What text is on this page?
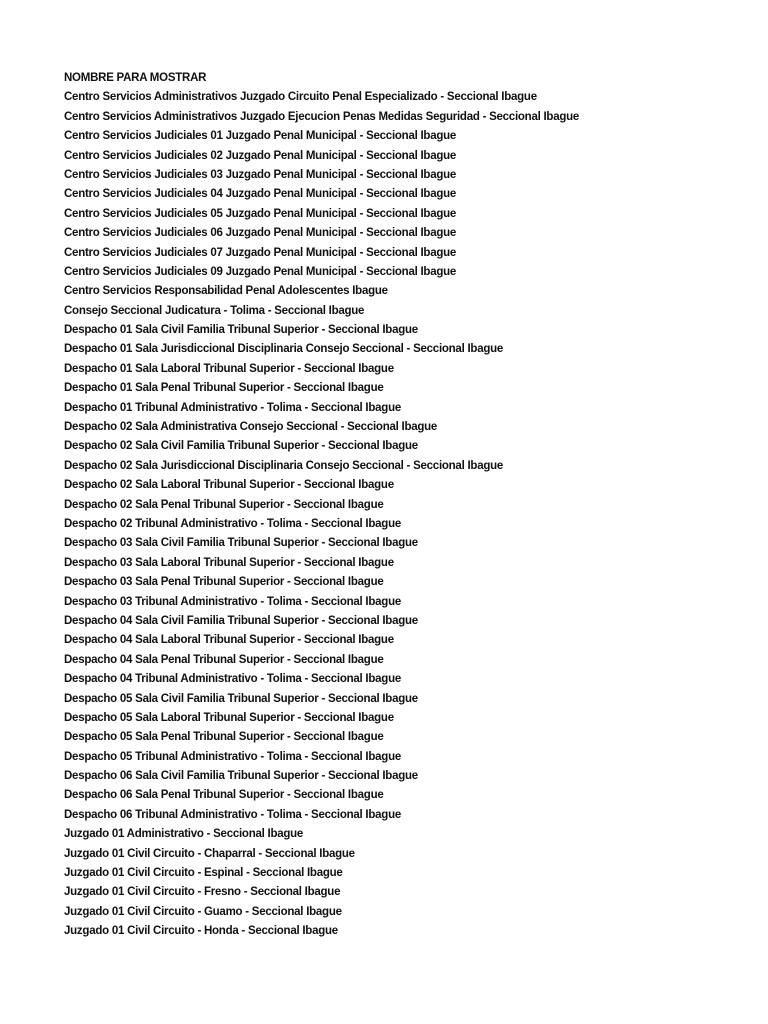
NOMBRE PARA MOSTRAR
Centro Servicios Administrativos Juzgado Circuito Penal Especializado - Seccional Ibague
Centro Servicios Administrativos Juzgado Ejecucion Penas Medidas Seguridad - Seccional Ibague
Centro Servicios Judiciales 01 Juzgado Penal Municipal - Seccional Ibague
Centro Servicios Judiciales 02 Juzgado Penal Municipal - Seccional Ibague
Centro Servicios Judiciales 03 Juzgado Penal Municipal - Seccional Ibague
Centro Servicios Judiciales 04 Juzgado Penal Municipal - Seccional Ibague
Centro Servicios Judiciales 05 Juzgado Penal Municipal - Seccional Ibague
Centro Servicios Judiciales 06 Juzgado Penal Municipal - Seccional Ibague
Centro Servicios Judiciales 07 Juzgado Penal Municipal - Seccional Ibague
Centro Servicios Judiciales 09 Juzgado Penal Municipal - Seccional Ibague
Centro Servicios Responsabilidad Penal Adolescentes Ibague
Consejo Seccional Judicatura - Tolima - Seccional Ibague
Despacho 01 Sala Civil Familia Tribunal Superior - Seccional Ibague
Despacho 01 Sala Jurisdiccional Disciplinaria Consejo Seccional - Seccional Ibague
Despacho 01 Sala Laboral Tribunal Superior - Seccional Ibague
Despacho 01 Sala Penal Tribunal Superior - Seccional Ibague
Despacho 01 Tribunal Administrativo - Tolima - Seccional Ibague
Despacho 02 Sala Administrativa Consejo Seccional - Seccional Ibague
Despacho 02 Sala Civil Familia Tribunal Superior - Seccional Ibague
Despacho 02 Sala Jurisdiccional Disciplinaria Consejo Seccional - Seccional Ibague
Despacho 02 Sala Laboral Tribunal Superior - Seccional Ibague
Despacho 02 Sala Penal Tribunal Superior - Seccional Ibague
Despacho 02 Tribunal Administrativo - Tolima - Seccional Ibague
Despacho 03 Sala Civil Familia Tribunal Superior - Seccional Ibague
Despacho 03 Sala Laboral Tribunal Superior - Seccional Ibague
Despacho 03 Sala Penal Tribunal Superior - Seccional Ibague
Despacho 03 Tribunal Administrativo - Tolima - Seccional Ibague
Despacho 04 Sala Civil Familia Tribunal Superior - Seccional Ibague
Despacho 04 Sala Laboral Tribunal Superior - Seccional Ibague
Despacho 04 Sala Penal Tribunal Superior - Seccional Ibague
Despacho 04 Tribunal Administrativo - Tolima - Seccional Ibague
Despacho 05 Sala Civil Familia Tribunal Superior - Seccional Ibague
Despacho 05 Sala Laboral Tribunal Superior - Seccional Ibague
Despacho 05 Sala Penal Tribunal Superior - Seccional Ibague
Despacho 05 Tribunal Administrativo - Tolima - Seccional Ibague
Despacho 06 Sala Civil Familia Tribunal Superior - Seccional Ibague
Despacho 06 Sala Penal Tribunal Superior - Seccional Ibague
Despacho 06 Tribunal Administrativo - Tolima - Seccional Ibague
Juzgado 01 Administrativo - Seccional Ibague
Juzgado 01 Civil Circuito - Chaparral - Seccional Ibague
Juzgado 01 Civil Circuito - Espinal - Seccional Ibague
Juzgado 01 Civil Circuito - Fresno - Seccional Ibague
Juzgado 01 Civil Circuito - Guamo - Seccional Ibague
Juzgado 01 Civil Circuito - Honda - Seccional Ibague
